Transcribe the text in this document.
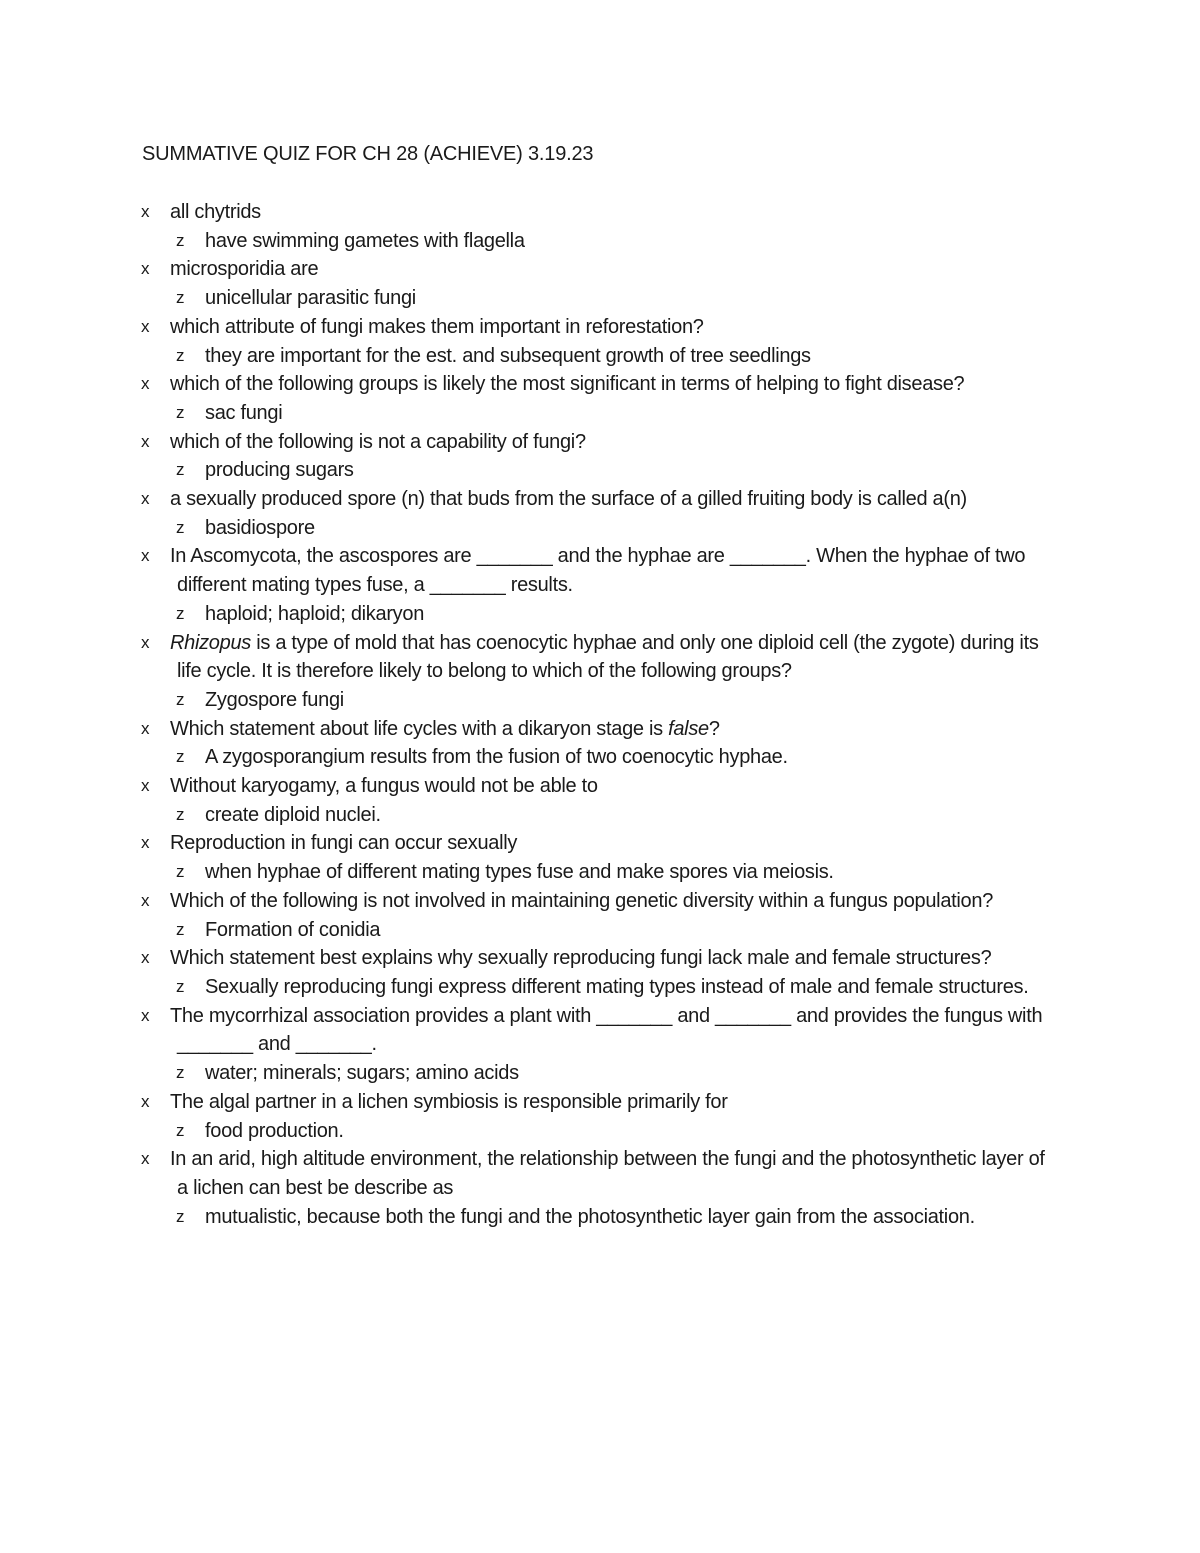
SUMMATIVE QUIZ FOR CH 28 (ACHIEVE) 3.19.23
x all chytrids
z have swimming gametes with flagella
x microsporidia are
z unicellular parasitic fungi
x which attribute of fungi makes them important in reforestation?
z they are important for the est. and subsequent growth of tree seedlings
x which of the following groups is likely the most significant in terms of helping to fight disease?
z sac fungi
x which of the following is not a capability of fungi?
z producing sugars
x a sexually produced spore (n) that buds from the surface of a gilled fruiting body is called a(n)
z basidiospore
x In Ascomycota, the ascospores are _______ and the hyphae are _______. When the hyphae of two different mating types fuse, a _______ results.
z haploid; haploid; dikaryon
x Rhizopus is a type of mold that has coenocytic hyphae and only one diploid cell (the zygote) during its life cycle. It is therefore likely to belong to which of the following groups?
z Zygospore fungi
x Which statement about life cycles with a dikaryon stage is false?
z A zygosporangium results from the fusion of two coenocytic hyphae.
x Without karyogamy, a fungus would not be able to
z create diploid nuclei.
x Reproduction in fungi can occur sexually
z when hyphae of different mating types fuse and make spores via meiosis.
x Which of the following is not involved in maintaining genetic diversity within a fungus population?
z Formation of conidia
x Which statement best explains why sexually reproducing fungi lack male and female structures?
z Sexually reproducing fungi express different mating types instead of male and female structures.
x The mycorrhizal association provides a plant with _______ and _______ and provides the fungus with _______ and _______.
z water; minerals; sugars; amino acids
x The algal partner in a lichen symbiosis is responsible primarily for
z food production.
x In an arid, high altitude environment, the relationship between the fungi and the photosynthetic layer of a lichen can best be describe as
z mutualistic, because both the fungi and the photosynthetic layer gain from the association.
